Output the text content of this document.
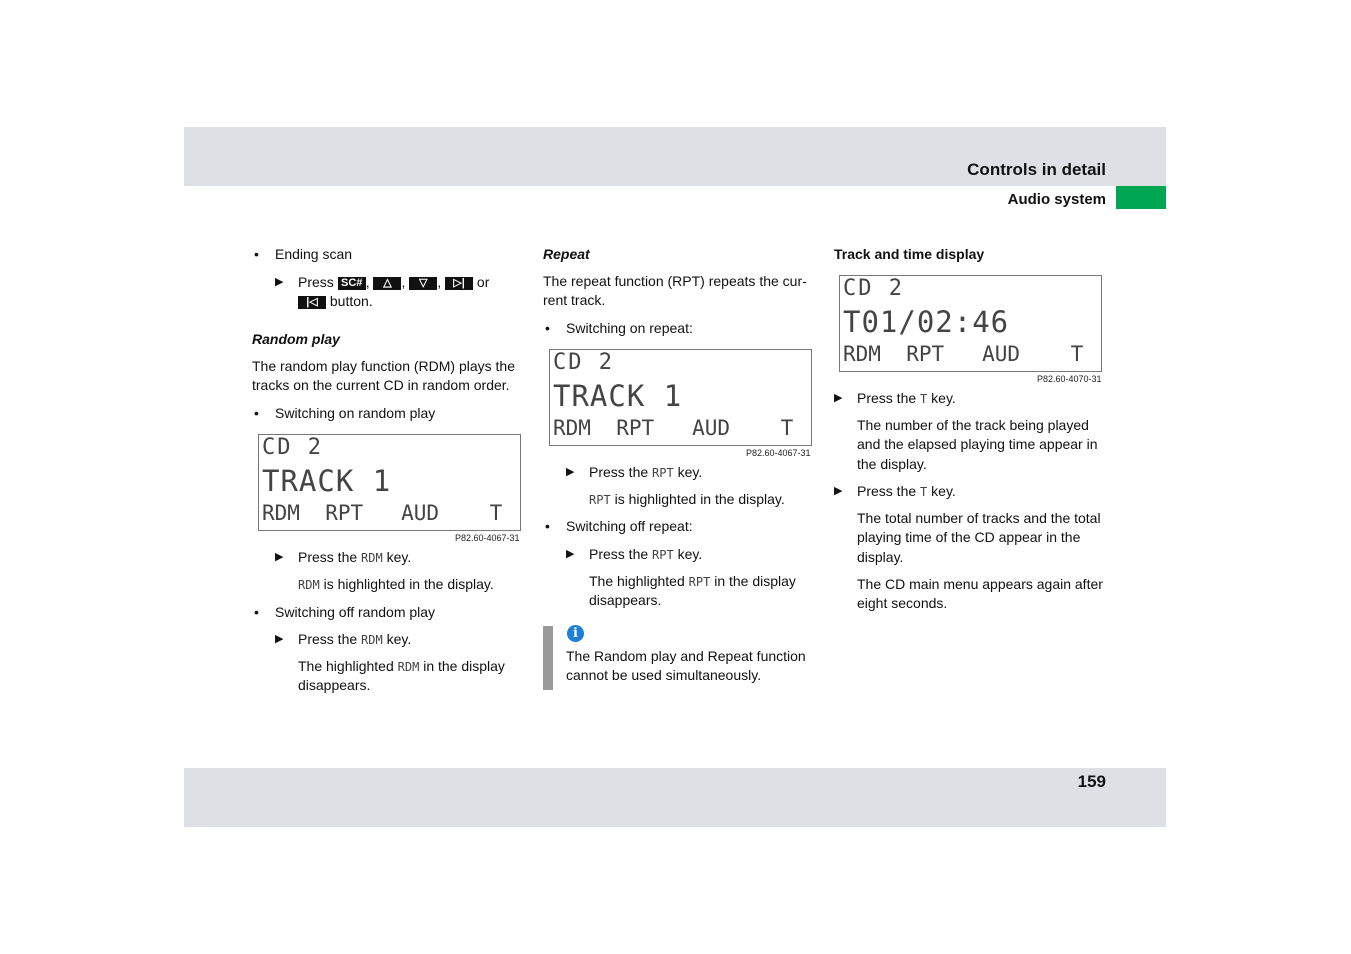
Controls in detail
Audio system
• Ending scan
▶ Press SC# , △ , ▽ , ▷| or
|◁ button.
Random play
The random play function (RDM) plays the
tracks on the current CD in random order.
• Switching on random play
CD 2
TRACK 1
RDM  RPT   AUD    T
P82.60-4067-31
▶ Press the RDM key.
RDM is highlighted in the display.
• Switching off random play
▶ Press the RDM key.
The highlighted RDM in the display
disappears.
Repeat
The repeat function (RPT) repeats the cur-
rent track.
• Switching on repeat:
CD 2
TRACK 1
RDM  RPT   AUD    T
P82.60-4067-31
▶ Press the RPT key.
RPT is highlighted in the display.
• Switching off repeat:
▶ Press the RPT key.
The highlighted RPT in the display
disappears.
i
The Random play and Repeat function
cannot be used simultaneously.
Track and time display
CD 2
T01/02:46
RDM  RPT   AUD    T
P82.60-4070-31
▶ Press the T key.
The number of the track being played
and the elapsed playing time appear in
the display.
▶ Press the T key.
The total number of tracks and the total
playing time of the CD appear in the
display.
The CD main menu appears again after
eight seconds.
159
